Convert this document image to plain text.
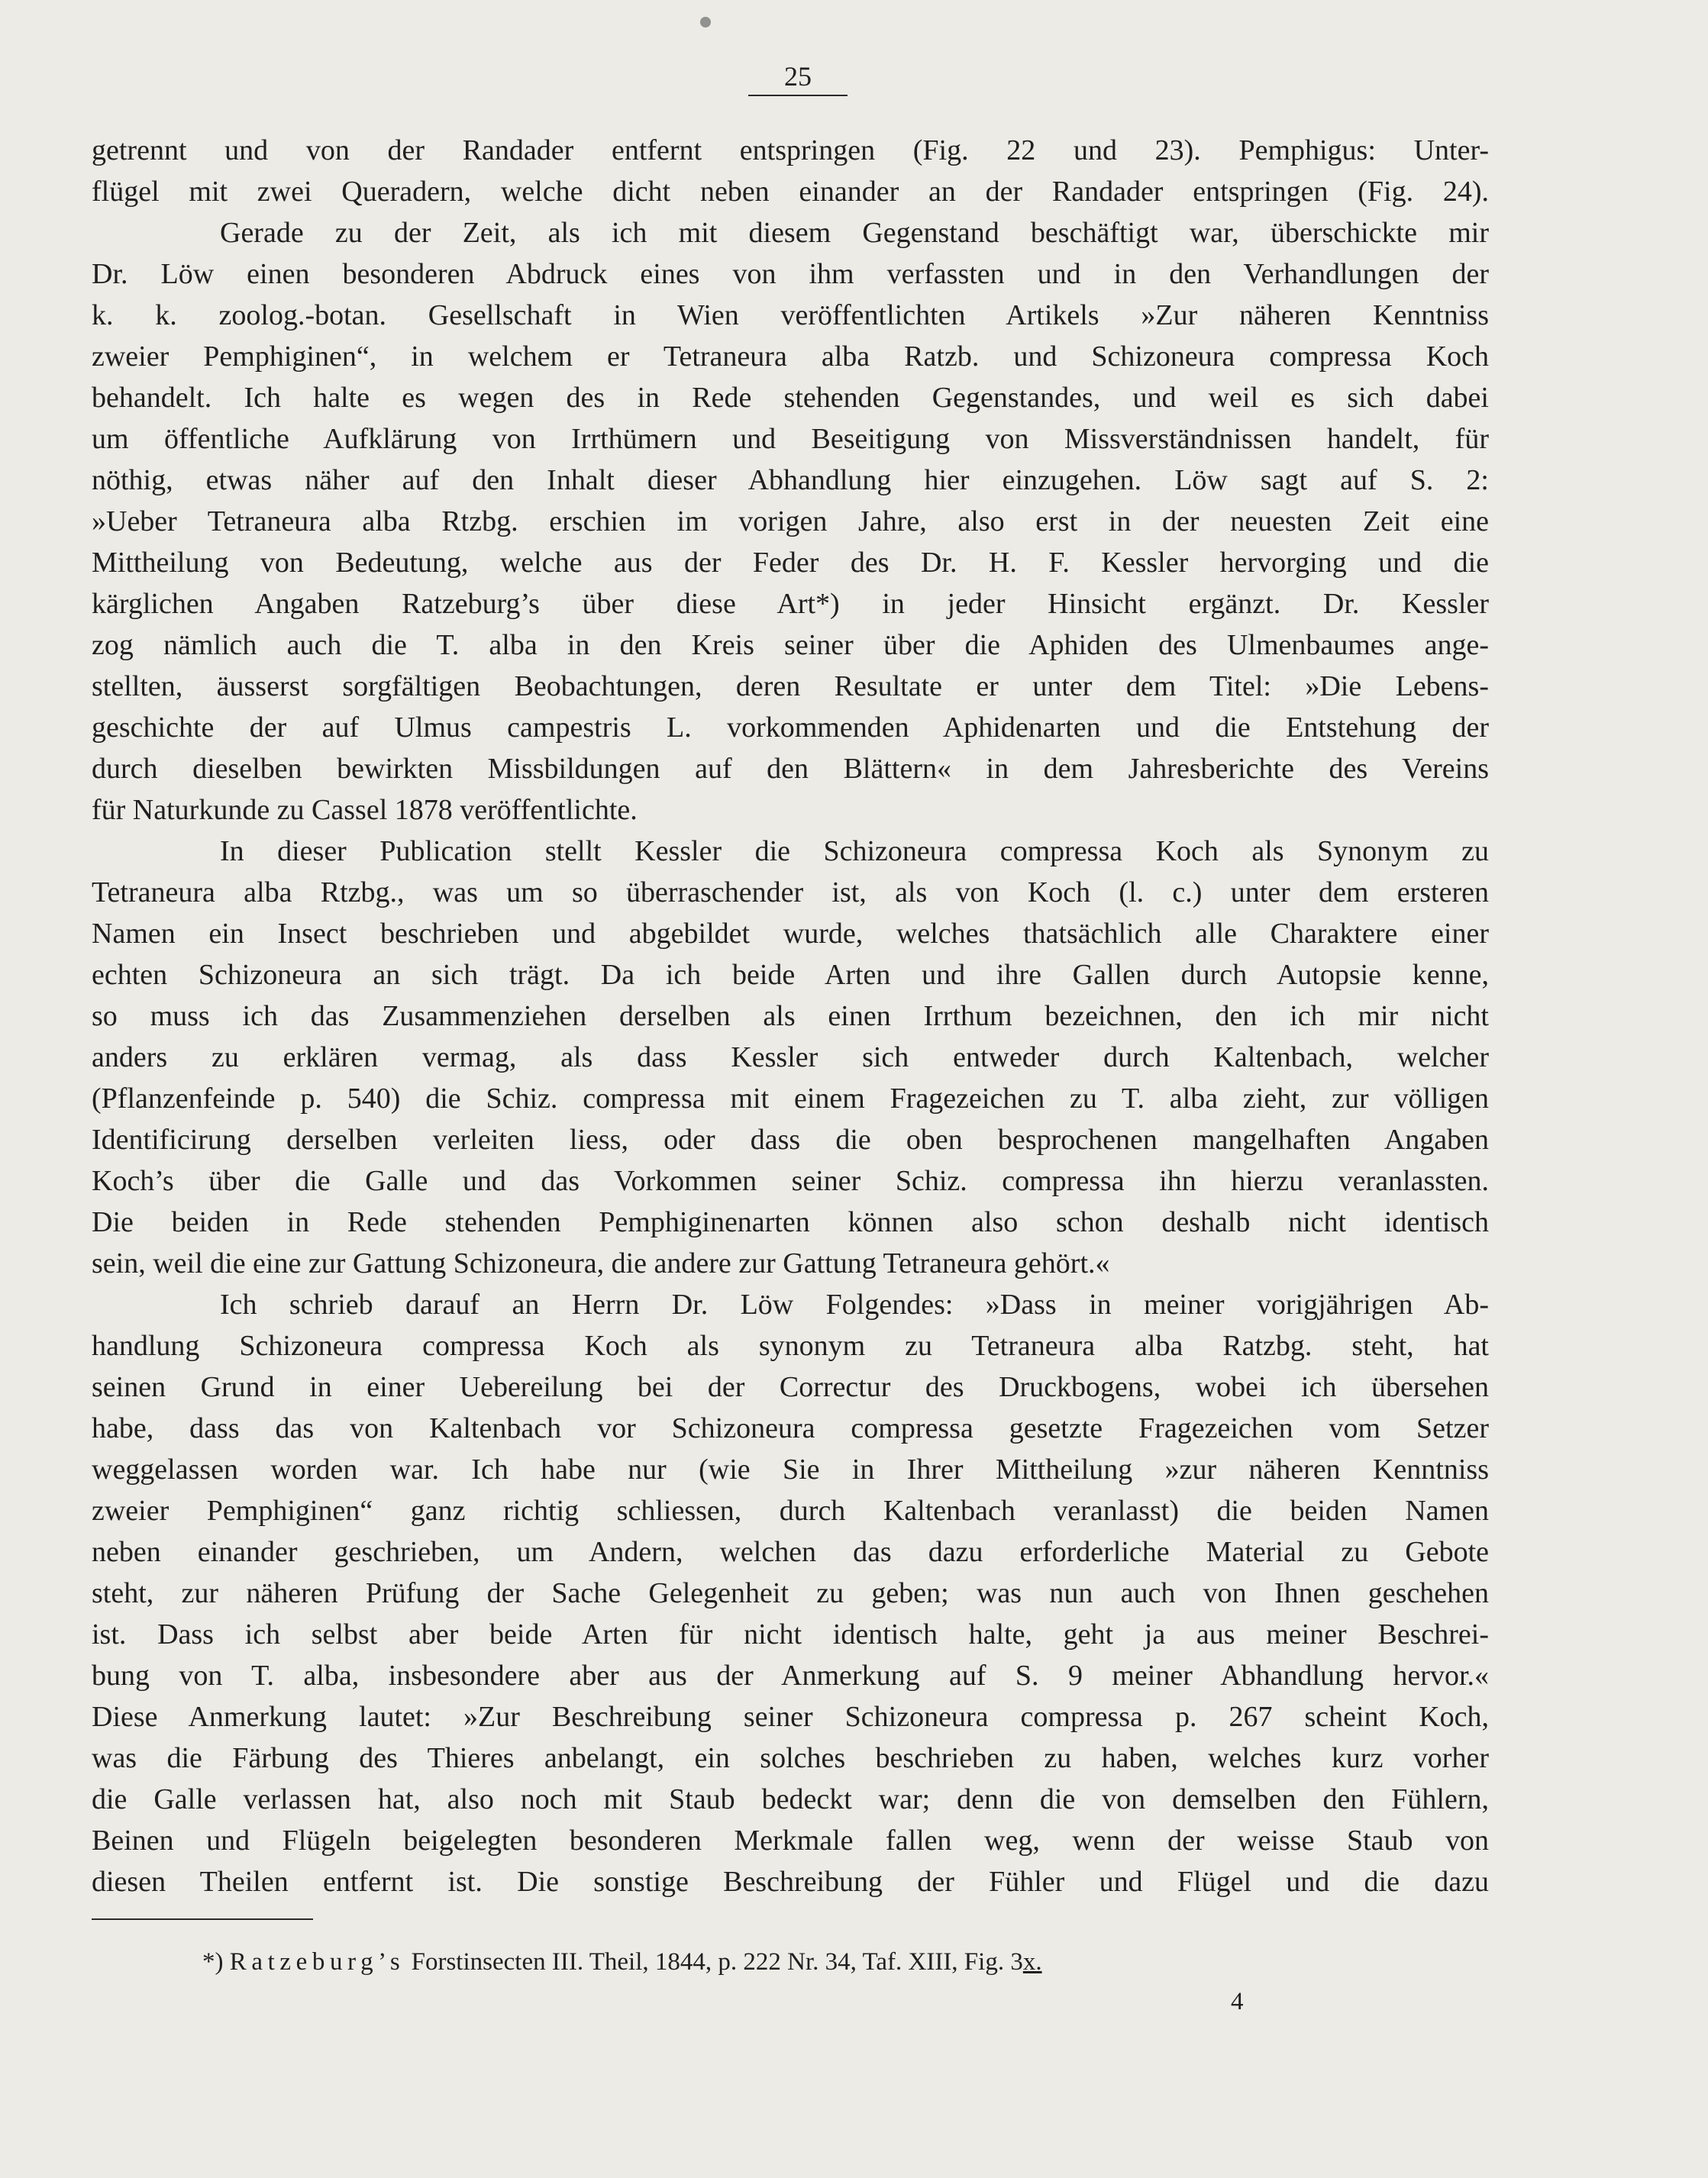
25
getrennt und von der Randader entfernt entspringen (Fig. 22 und 23). Pemphigus: Unter-
flügel mit zwei Queradern, welche dicht neben einander an der Randader entspringen (Fig. 24).
Gerade zu der Zeit, als ich mit diesem Gegenstand beschäftigt war, überschickte mir
Dr. Löw einen besonderen Abdruck eines von ihm verfassten und in den Verhandlungen der
k. k. zoolog.-botan. Gesellschaft in Wien veröffentlichten Artikels »Zur näheren Kenntniss
zweier Pemphiginen“, in welchem er Tetraneura alba Ratzb. und Schizoneura compressa Koch
behandelt. Ich halte es wegen des in Rede stehenden Gegenstandes, und weil es sich dabei
um öffentliche Aufklärung von Irrthümern und Beseitigung von Missverständnissen handelt, für
nöthig, etwas näher auf den Inhalt dieser Abhandlung hier einzugehen. Löw sagt auf S. 2:
»Ueber Tetraneura alba Rtzbg. erschien im vorigen Jahre, also erst in der neuesten Zeit eine
Mittheilung von Bedeutung, welche aus der Feder des Dr. H. F. Kessler hervorging und die
kärglichen Angaben Ratzeburg’s über diese Art*) in jeder Hinsicht ergänzt. Dr. Kessler
zog nämlich auch die T. alba in den Kreis seiner über die Aphiden des Ulmenbaumes ange-
stellten, äusserst sorgfältigen Beobachtungen, deren Resultate er unter dem Titel: »Die Lebens-
geschichte der auf Ulmus campestris L. vorkommenden Aphidenarten und die Entstehung der
durch dieselben bewirkten Missbildungen auf den Blättern« in dem Jahresberichte des Vereins
für Naturkunde zu Cassel 1878 veröffentlichte.
In dieser Publication stellt Kessler die Schizoneura compressa Koch als Synonym zu
Tetraneura alba Rtzbg., was um so überraschender ist, als von Koch (l. c.) unter dem ersteren
Namen ein Insect beschrieben und abgebildet wurde, welches thatsächlich alle Charaktere einer
echten Schizoneura an sich trägt. Da ich beide Arten und ihre Gallen durch Autopsie kenne,
so muss ich das Zusammenziehen derselben als einen Irrthum bezeichnen, den ich mir nicht
anders zu erklären vermag, als dass Kessler sich entweder durch Kaltenbach, welcher
(Pflanzenfeinde p. 540) die Schiz. compressa mit einem Fragezeichen zu T. alba zieht, zur völligen
Identificirung derselben verleiten liess, oder dass die oben besprochenen mangelhaften Angaben
Koch’s über die Galle und das Vorkommen seiner Schiz. compressa ihn hierzu veranlassten.
Die beiden in Rede stehenden Pemphiginenarten können also schon deshalb nicht identisch
sein, weil die eine zur Gattung Schizoneura, die andere zur Gattung Tetraneura gehört.«
Ich schrieb darauf an Herrn Dr. Löw Folgendes: »Dass in meiner vorigjährigen Ab-
handlung Schizoneura compressa Koch als synonym zu Tetraneura alba Ratzbg. steht, hat
seinen Grund in einer Uebereilung bei der Correctur des Druckbogens, wobei ich übersehen
habe, dass das von Kaltenbach vor Schizoneura compressa gesetzte Fragezeichen vom Setzer
weggelassen worden war. Ich habe nur (wie Sie in Ihrer Mittheilung »zur näheren Kenntniss
zweier Pemphiginen“ ganz richtig schliessen, durch Kaltenbach veranlasst) die beiden Namen
neben einander geschrieben, um Andern, welchen das dazu erforderliche Material zu Gebote
steht, zur näheren Prüfung der Sache Gelegenheit zu geben; was nun auch von Ihnen geschehen
ist. Dass ich selbst aber beide Arten für nicht identisch halte, geht ja aus meiner Beschrei-
bung von T. alba, insbesondere aber aus der Anmerkung auf S. 9 meiner Abhandlung hervor.«
Diese Anmerkung lautet: »Zur Beschreibung seiner Schizoneura compressa p. 267 scheint Koch,
was die Färbung des Thieres anbelangt, ein solches beschrieben zu haben, welches kurz vorher
die Galle verlassen hat, also noch mit Staub bedeckt war; denn die von demselben den Fühlern,
Beinen und Flügeln beigelegten besonderen Merkmale fallen weg, wenn der weisse Staub von
diesen Theilen entfernt ist. Die sonstige Beschreibung der Fühler und Flügel und die dazu
*) Ratzeburg’s Forstinsecten III. Theil, 1844, p. 222 Nr. 34, Taf. XIII, Fig. 3x.
4
